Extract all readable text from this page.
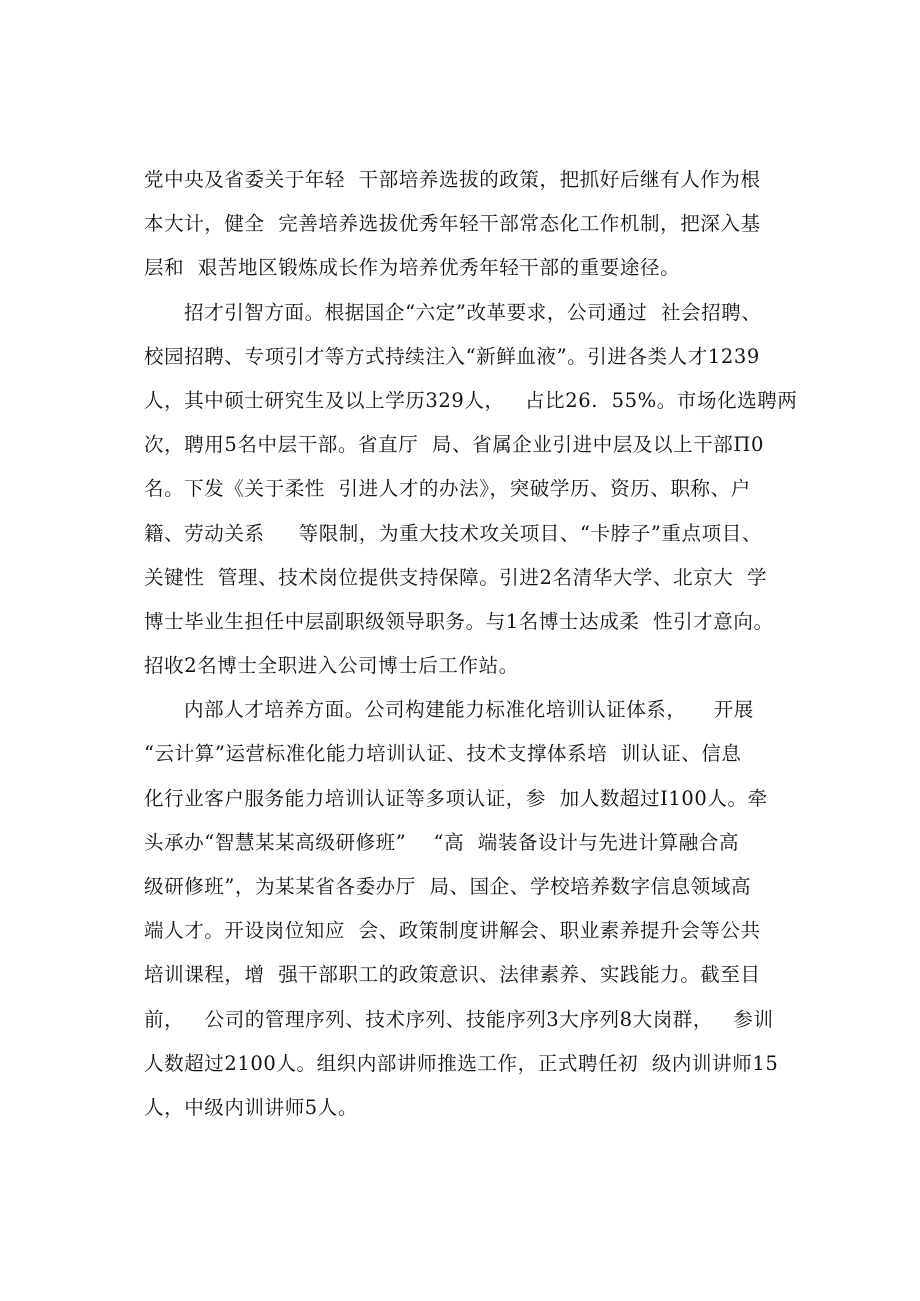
党中央及省委关于年轻  干部培养选拔的政策，把抓好后继有人作为根
本大计，健全  完善培养选拔优秀年轻干部常态化工作机制，把深入基
层和  艰苦地区锻炼成长作为培养优秀年轻干部的重要途径。
招才引智方面。根据国企“六定”改革要求，公司通过  社会招聘、
校园招聘、专项引才等方式持续注入“新鲜血液”。引进各类人才1239
人，其中硕士研究生及以上学历329人，   占比26.  55%。市场化选聘两
次，聘用5名中层干部。省直厅  局、省属企业引进中层及以上干部Π0
名。下发《关于柔性  引进人才的办法》，突破学历、资历、职称、户
籍、劳动关系     等限制，为重大技术攻关项目、“卡脖子”重点项目、
关键性  管理、技术岗位提供支持保障。引进2名清华大学、北京大  学
博士毕业生担任中层副职级领导职务。与1名博士达成柔  性引才意向。
招收2名博士全职进入公司博士后工作站。
内部人才培养方面。公司构建能力标准化培训认证体系，    开展
“云计算”运营标准化能力培训认证、技术支撑体系培  训认证、信息
化行业客户服务能力培训认证等多项认证，参  加人数超过I100人。牵
头承办“智慧某某高级研修班”    “高  端装备设计与先进计算融合高
级研修班”，为某某省各委办厅  局、国企、学校培养数字信息领域高
端人才。开设岗位知应  会、政策制度讲解会、职业素养提升会等公共
培训课程，增  强干部职工的政策意识、法律素养、实践能力。截至目
前，   公司的管理序列、技术序列、技能序列3大序列8大岗群，   参训
人数超过2100人。组织内部讲师推选工作，正式聘任初  级内训讲师15
人，中级内训讲师5人。
